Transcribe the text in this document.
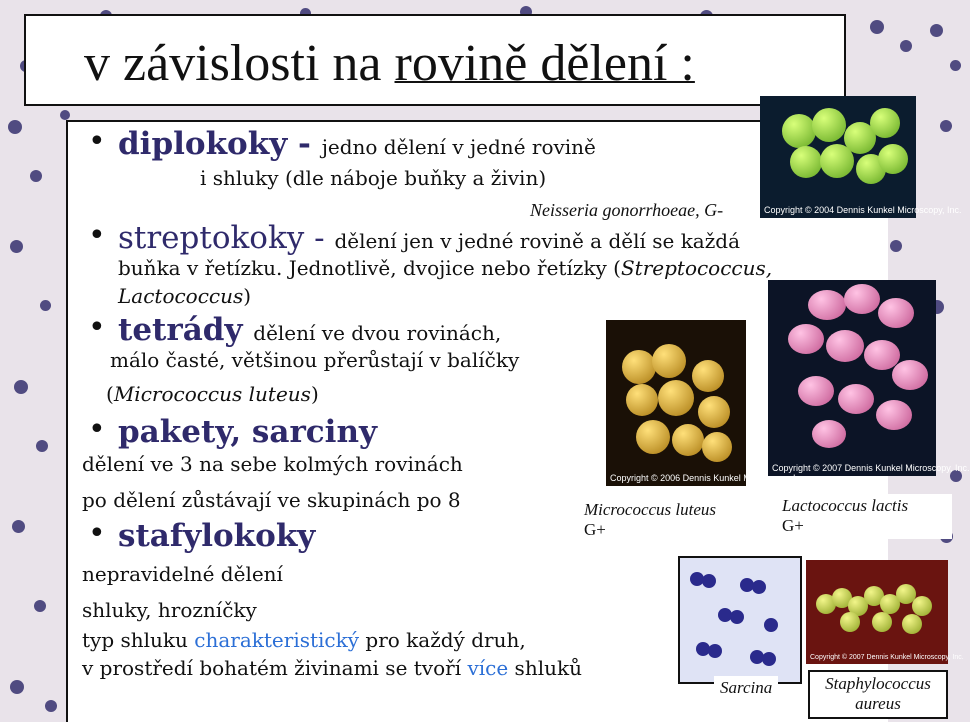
v závislosti na rovině dělení :
• diplokoky - jedno dělení v jedné rovině
i shluky (dle náboje buňky a živin)
Neisseria gonorrhoeae, G-
• streptokoky - dělení jen v jedné rovině a dělí se každá
buňka v řetízku. Jednotlivě, dvojice nebo řetízky (Streptococcus,
Lactococcus)
• tetrády dělení ve dvou rovinách,
málo časté, většinou přerůstají v balíčky
(Micrococcus luteus)
• pakety, sarciny
dělení ve 3 na sebe kolmých rovinách
po dělení zůstávají ve skupinách po 8
• stafylokoky
nepravidelné dělení
shluky, hrozníčky
typ shluku charakteristický pro každý druh,
v prostředí bohatém živinami se tvoří více shluků
Copyright © 2004 Dennis Kunkel Microscopy, Inc.
Copyright © 2007 Dennis Kunkel Microscopy, Inc.
Copyright © 2006 Dennis Kunkel Microscopy, Inc.
Copyright © 2007 Dennis Kunkel Microscopy, Inc.
Micrococcus luteus
G+
Lactococcus lactis
G+
Sarcina	Staphylococcus
aureus
